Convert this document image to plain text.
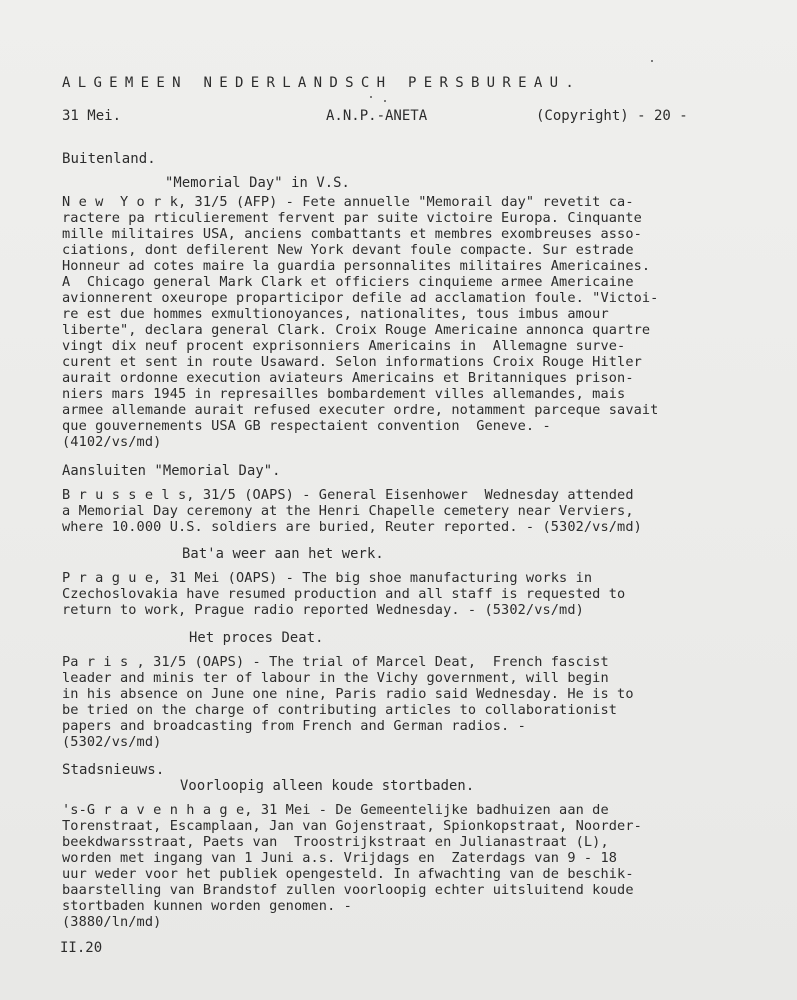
ALGEMEEN NEDERLANDSCH PERSBUREAU.
31 Mei.	A.N.P.-ANETA	(Copyright) - 20 -
Buitenland.
"Memorial Day" in V.S.
N e w  Y o r k, 31/5 (AFP) - Fete annuelle "Memorail day" revetit ca-
ractere pa rticulierement fervent par suite victoire Europa. Cinquante
mille militaires USA, anciens combattants et membres exombreuses asso-
ciations, dont defilerent New York devant foule compacte. Sur estrade
Honneur ad cotes maire la guardia personnalites militaires Americaines.
A  Chicago general Mark Clark et officiers cinquieme armee Americaine
avionnerent oxeurope proparticipor defile ad acclamation foule. "Victoi-
re est due hommes exmultionoyances, nationalites, tous imbus amour
liberte", declara general Clark. Croix Rouge Americaine annonca quartre
vingt dix neuf procent exprisonniers Americains in  Allemagne surve-
curent et sent in route Usaward. Selon informations Croix Rouge Hitler
aurait ordonne execution aviateurs Americains et Britanniques prison-
niers mars 1945 in represailles bombardement villes allemandes, mais
armee allemande aurait refused executer ordre, notamment parceque savait
que gouvernements USA GB respectaient convention  Geneve. -
(4102/vs/md)
Aansluiten "Memorial Day".
B r u s s e l s, 31/5 (OAPS) - General Eisenhower  Wednesday attended
a Memorial Day ceremony at the Henri Chapelle cemetery near Verviers,
where 10.000 U.S. soldiers are buried, Reuter reported. - (5302/vs/md)
Bat'a weer aan het werk.
P r a g u e, 31 Mei (OAPS) - The big shoe manufacturing works in
Czechoslovakia have resumed production and all staff is requested to
return to work, Prague radio reported Wednesday. - (5302/vs/md)
Het proces Deat.
Pa r i s , 31/5 (OAPS) - The trial of Marcel Deat,  French fascist
leader and minis ter of labour in the Vichy government, will begin
in his absence on June one nine, Paris radio said Wednesday. He is to
be tried on the charge of contributing articles to collaborationist
papers and broadcasting from French and German radios. -
(5302/vs/md)
Stadsnieuws.
Voorloopig alleen koude stortbaden.
's-G r a v e n h a g e, 31 Mei - De Gemeentelijke badhuizen aan de
Torenstraat, Escamplaan, Jan van Gojenstraat, Spionkopstraat, Noorder-
beekdwarsstraat, Paets van  Troostrijkstraat en Julianastraat (L),
worden met ingang van 1 Juni a.s. Vrijdags en  Zaterdags van 9 - 18
uur weder voor het publiek opengesteld. In afwachting van de beschik-
baarstelling van Brandstof zullen voorloopig echter uitsluitend koude
stortbaden kunnen worden genomen. -
(3880/ln/md)
II.20
